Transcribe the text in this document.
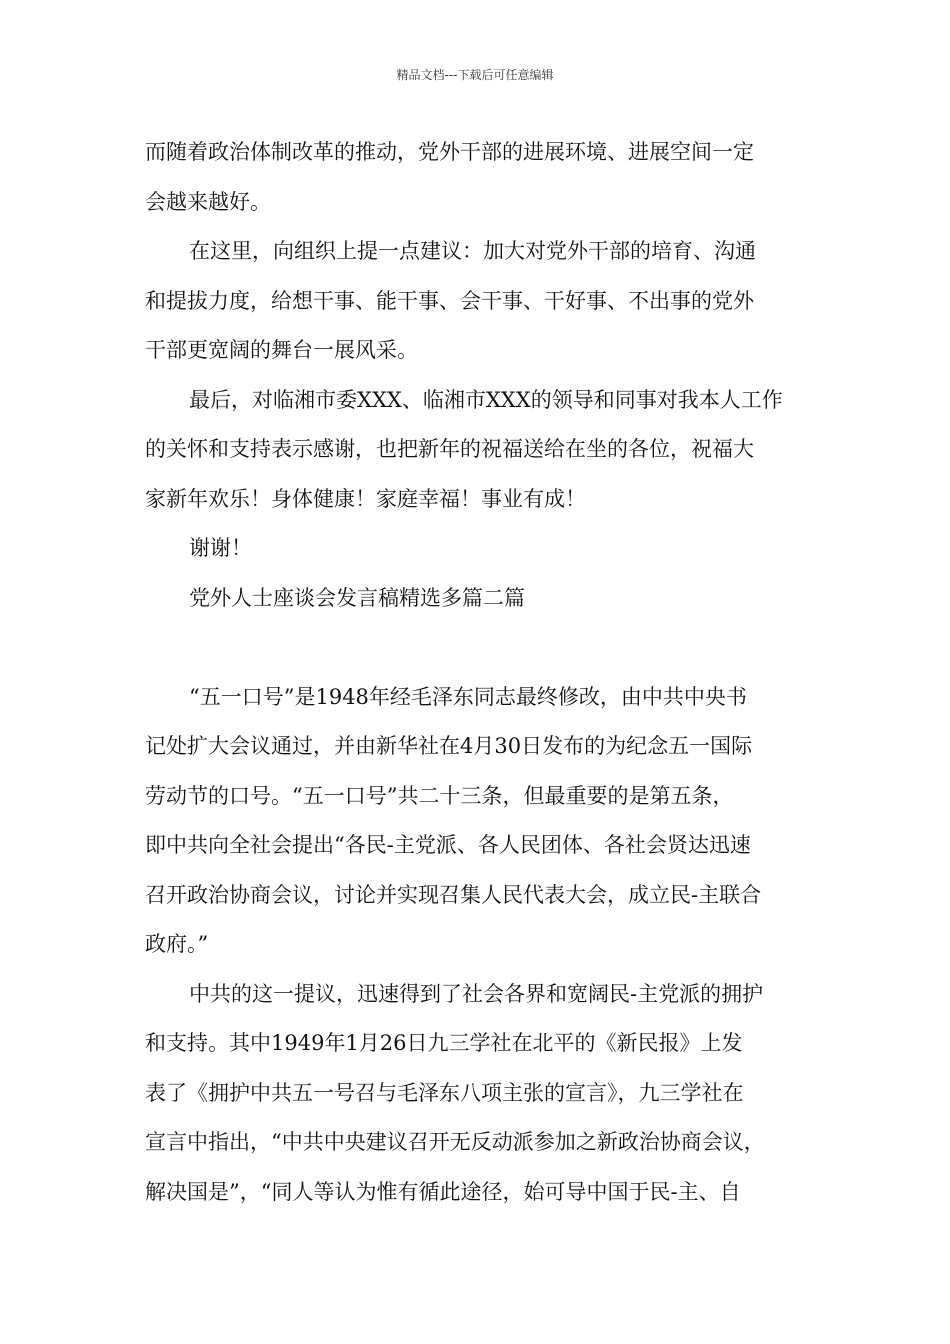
精品文档---下载后可任意编辑
而随着政治体制改革的推动，党外干部的进展环境、进展空间一定
会越来越好。
在这里，向组织上提一点建议：加大对党外干部的培育、沟通
和提拔力度，给想干事、能干事、会干事、干好事、不出事的党外
干部更宽阔的舞台一展风采。
最后，对临湘市委XXX、临湘市XXX的领导和同事对我本人工作
的关怀和支持表示感谢，也把新年的祝福送给在坐的各位，祝福大
家新年欢乐！身体健康！家庭幸福！事业有成！
谢谢！
党外人士座谈会发言稿精选多篇二篇
“五一口号”是1948年经毛泽东同志最终修改，由中共中央书
记处扩大会议通过，并由新华社在4月30日发布的为纪念五一国际
劳动节的口号。“五一口号”共二十三条，但最重要的是第五条，
即中共向全社会提出“各民-主党派、各人民团体、各社会贤达迅速
召开政治协商会议，讨论并实现召集人民代表大会，成立民-主联合
政府。”
中共的这一提议，迅速得到了社会各界和宽阔民-主党派的拥护
和支持。其中1949年1月26日九三学社在北平的《新民报》上发
表了《拥护中共五一号召与毛泽东八项主张的宣言》，九三学社在
宣言中指出，“中共中央建议召开无反动派参加之新政治协商会议，
解决国是”，“同人等认为惟有循此途径，始可导中国于民-主、自
